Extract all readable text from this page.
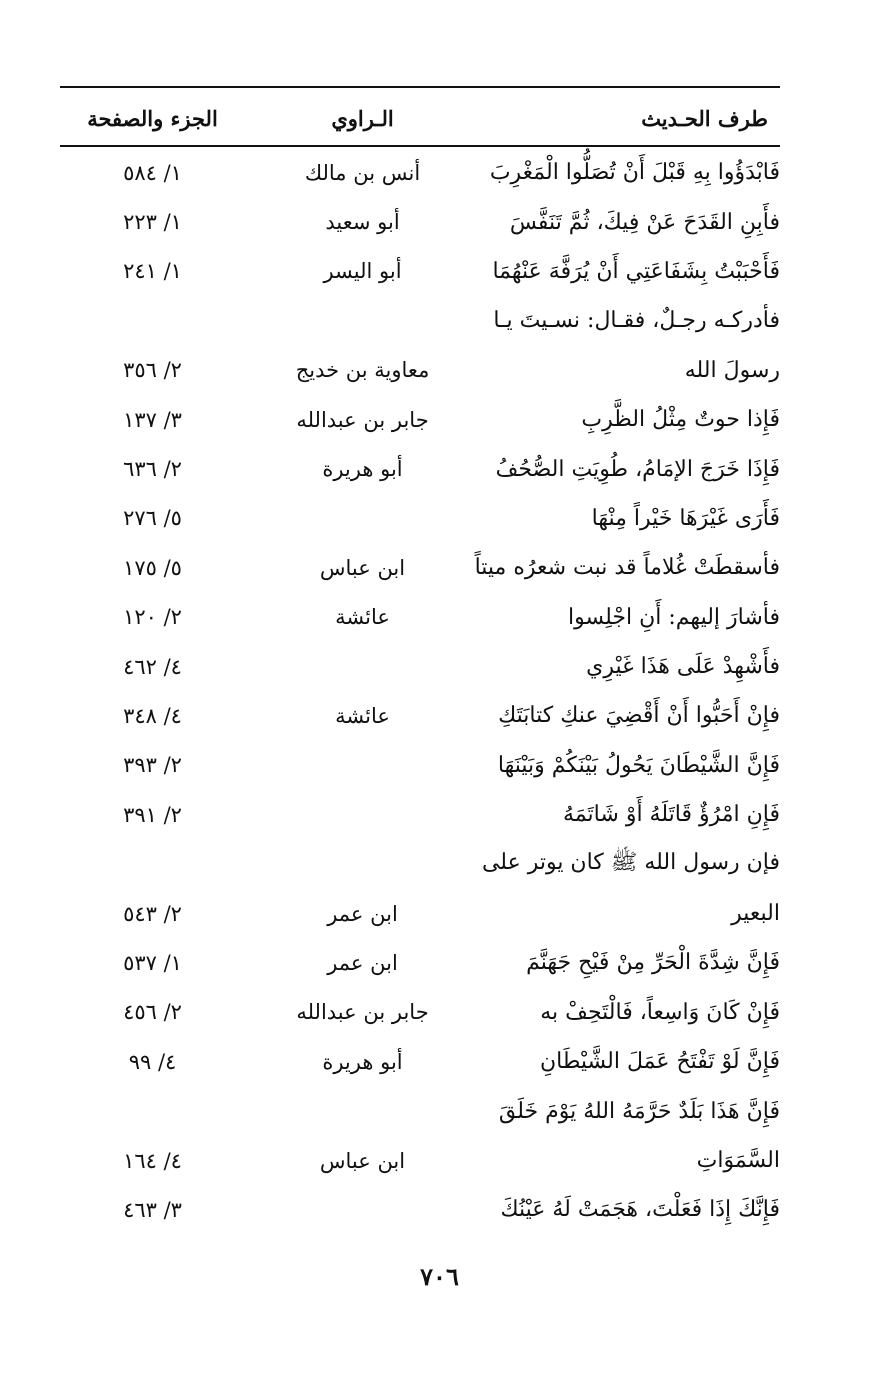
طرف الحـديث
الـراوي
الجزء والصفحة
فَابْدَؤُوا بِهِ قَبْلَ أَنْ تُصَلُّوا الْمَغْرِبَ
أنس بن مالك
١/ ٥٨٤
فأَبِنِ القَدَحَ عَنْ فِيكَ، ثُمَّ تَنَفَّسَ
أبو سعيد
١/ ٢٢٣
فَأَحْبَبْتُ بِشَفَاعَتِي أَنْ يُرَفَّهَ عَنْهُمَا
أبو اليسر
١/ ٢٤١
فأدركـه رجـلٌ، فقـال: نسـيتَ يـا
رسولَ الله
معاوية بن خديج
٢/ ٣٥٦
فَإِذا حوتٌ مِثْلُ الظَّرِبِ
جابر بن عبدالله
٣/ ١٣٧
فَإِذَا خَرَجَ الإمَامُ، طُوِيَتِ الصُّحُفُ
أبو هريرة
٢/ ٦٣٦
فَأَرَى غَيْرَهَا خَيْراً مِنْهَا
٥/ ٢٧٦
فأسقطَتْ غُلاماً قد نبت شعرُه ميتاً
ابن عباس
٥/ ١٧٥
فأشارَ إليهم: أَنِ اجْلِسوا
عائشة
٢/ ١٢٠
فأَشْهِدْ عَلَى هَذَا غَيْرِي
٤/ ٤٦٢
فإِنْ أَحَبُّوا أَنْ أَقْضِيَ عنكِ كتابَتَكِ
عائشة
٤/ ٣٤٨
فَإِنَّ الشَّيْطَانَ يَحُولُ بَيْنَكُمْ وَبَيْنَهَا
٢/ ٣٩٣
فَإِنِ امْرُؤٌ قَاتَلَهُ أَوْ شَاتَمَهُ
٢/ ٣٩١
فإن رسول الله ﷺ كان يوتر على
البعير
ابن عمر
٢/ ٥٤٣
فَإِنَّ شِدَّةَ الْحَرِّ مِنْ فَيْحِ جَهَنَّمَ
ابن عمر
١/ ٥٣٧
فَإِنْ كَانَ وَاسِعاً، فَالْتَحِفْ به
جابر بن عبدالله
٢/ ٤٥٦
فَإِنَّ لَوْ تَفْتَحُ عَمَلَ الشَّيْطَانِ
أبو هريرة
٤/ ٩٩
فَإِنَّ هَذَا بَلَدٌ حَرَّمَهُ اللهُ يَوْمَ خَلَقَ
السَّمَوَاتِ
ابن عباس
٤/ ١٦٤
فَإِنَّكَ إِذَا فَعَلْتَ، هَجَمَتْ لَهُ عَيْنُكَ
٣/ ٤٦٣
٧٠٦
